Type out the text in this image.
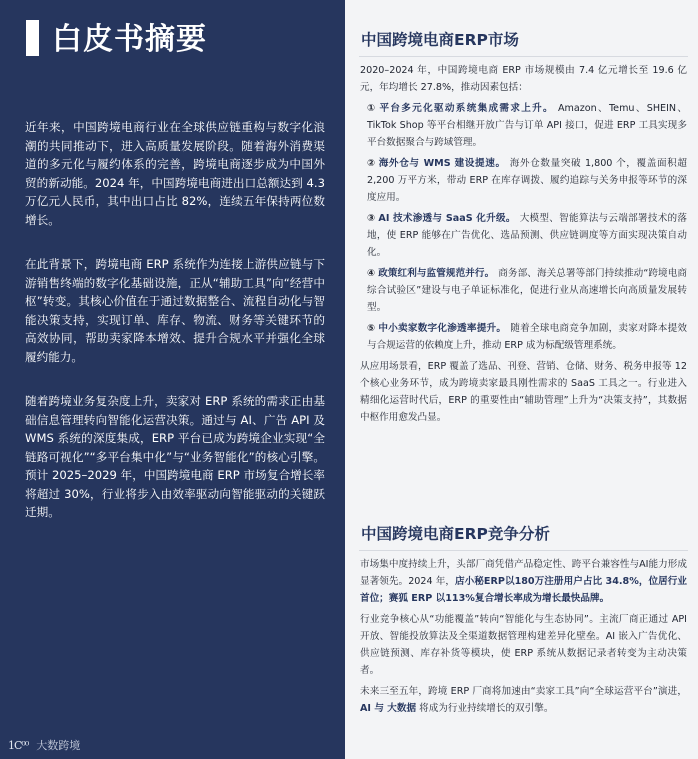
白皮书摘要

近年来，中国跨境电商行业在全球供应链重构与数字化浪潮的共同推动下，进入高质量发展阶段。随着海外消费渠道的多元化与履约体系的完善，跨境电商逐步成为中国外贸的新动能。2024 年，中国跨境电商进出口总额达到 4.3 万亿元人民币，其中出口占比 82%，连续五年保持两位数增长。

在此背景下，跨境电商 ERP 系统作为连接上游供应链与下游销售终端的数字化基础设施，正从“辅助工具”向“经营中枢”转变。其核心价值在于通过数据整合、流程自动化与智能决策支持，实现订单、库存、物流、财务等关键环节的高效协同，帮助卖家降本增效、提升合规水平并强化全球履约能力。

随着跨境业务复杂度上升，卖家对 ERP 系统的需求正由基础信息管理转向智能化运营决策。通过与 AI、广告 API 及 WMS 系统的深度集成，ERP 平台已成为跨境企业实现“全链路可视化”“多平台集中化”与“业务智能化”的核心引擎。预计 2025–2029 年，中国跨境电商 ERP 市场复合增长率将超过 30%，行业将步入由效率驱动向智能驱动的关键跃迁期。

1C⁰⁰ 大数跨境
中国跨境电商ERP市场

2020–2024 年，中国跨境电商 ERP 市场规模由 7.4 亿元增长至 19.6 亿元，年均增长 27.8%，推动因素包括：

① 平台多元化驱动系统集成需求上升。 Amazon、Temu、SHEIN、TikTok Shop 等平台相继开放广告与订单 API 接口，促进 ERP 工具实现多平台数据聚合与跨域管理。
② 海外仓与 WMS 建设提速。 海外仓数量突破 1,800 个，覆盖面积超 2,200 万平方米，带动 ERP 在库存调拨、履约追踪与关务申报等环节的深度应用。
③ AI 技术渗透与 SaaS 化升级。 大模型、智能算法与云端部署技术的落地，使 ERP 能够在广告优化、选品预测、供应链调度等方面实现决策自动化。
④ 政策红利与监管规范并行。 商务部、海关总署等部门持续推动“跨境电商综合试验区”建设与电子单证标准化，促进行业从高速增长向高质量发展转型。
⑤ 中小卖家数字化渗透率提升。 随着全球电商竞争加剧，卖家对降本提效与合规运营的依赖度上升，推动 ERP 成为标配级管理系统。

从应用场景看，ERP 覆盖了选品、刊登、营销、仓储、财务、税务申报等 12 个核心业务环节，成为跨境卖家最具刚性需求的 SaaS 工具之一。行业进入精细化运营时代后，ERP 的重要性由“辅助管理”上升为“决策支持”，其数据中枢作用愈发凸显。

中国跨境电商ERP竞争分析

市场集中度持续上升，头部厂商凭借产品稳定性、跨平台兼容性与AI能力形成显著领先。2024 年，店小秘ERP以180万注册用户占比 34.8%，位居行业首位；赛狐 ERP 以113%复合增长率成为增长最快品牌。

行业竞争核心从“功能覆盖”转向“智能化与生态协同”。主流厂商正通过 API 开放、智能投放算法及全渠道数据管理构建差异化壁垒。AI 嵌入广告优化、供应链预测、库存补货等模块，使 ERP 系统从数据记录者转变为主动决策者。

未来三至五年，跨境 ERP 厂商将加速由“卖家工具”向“全球运营平台”演进，AI 与 大数据 将成为行业持续增长的双引擎。
